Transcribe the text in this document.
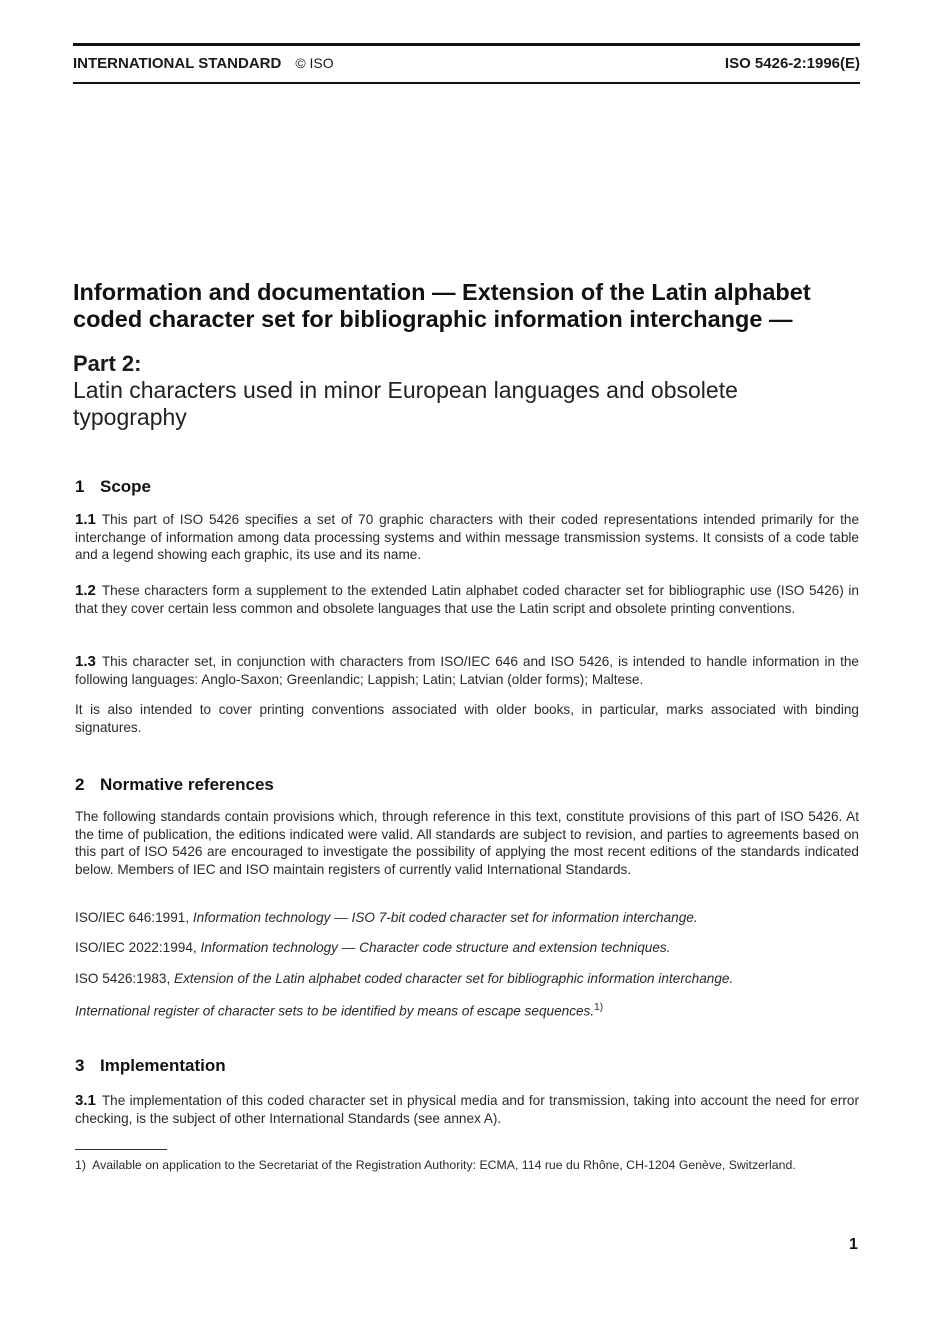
INTERNATIONAL STANDARD © ISO	ISO 5426-2:1996(E)
Information and documentation — Extension of the Latin alphabet
coded character set for bibliographic information interchange —
Part 2:
Latin characters used in minor European languages and obsolete typography
1 Scope
1.1 This part of ISO 5426 specifies a set of 70 graphic characters with their coded representations intended primarily for the interchange of information among data processing systems and within message transmission systems. It consists of a code table and a legend showing each graphic, its use and its name.
1.2 These characters form a supplement to the extended Latin alphabet coded character set for bibliographic use (ISO 5426) in that they cover certain less common and obsolete languages that use the Latin script and obsolete printing conventions.
1.3 This character set, in conjunction with characters from ISO/IEC 646 and ISO 5426, is intended to handle information in the following languages: Anglo-Saxon; Greenlandic; Lappish; Latin; Latvian (older forms); Maltese.
It is also intended to cover printing conventions associated with older books, in particular, marks associated with binding signatures.
2 Normative references
The following standards contain provisions which, through reference in this text, constitute provisions of this part of ISO 5426. At the time of publication, the editions indicated were valid. All standards are subject to revision, and parties to agreements based on this part of ISO 5426 are encouraged to investigate the possibility of applying the most recent editions of the standards indicated below. Members of IEC and ISO maintain registers of currently valid International Standards.
ISO/IEC 646:1991, Information technology — ISO 7-bit coded character set for information interchange.
ISO/IEC 2022:1994, Information technology — Character code structure and extension techniques.
ISO 5426:1983, Extension of the Latin alphabet coded character set for bibliographic information interchange.
International register of character sets to be identified by means of escape sequences.$^{1)}$
3 Implementation
3.1 The implementation of this coded character set in physical media and for transmission, taking into account the need for error checking, is the subject of other International Standards (see annex A).
1) Available on application to the Secretariat of the Registration Authority: ECMA, 114 rue du Rhône, CH-1204 Genève, Switzerland.
1
